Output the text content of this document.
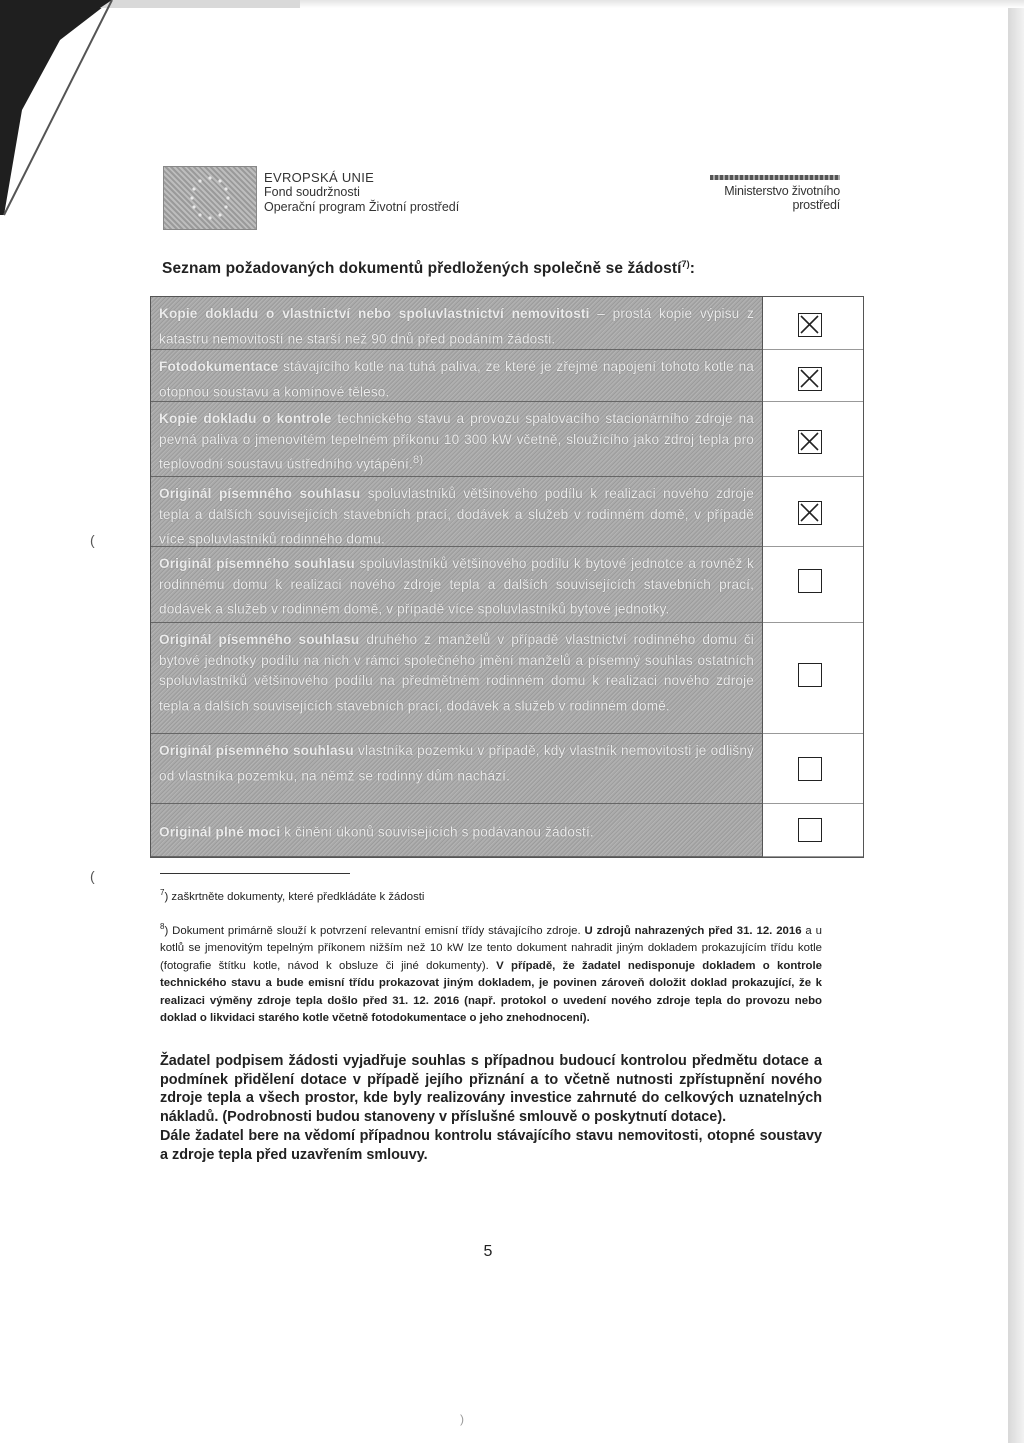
EVROPSKÁ UNIE
Fond soudržnosti
Operační program Životní prostředí
Ministerstvo životního prostředí
Seznam požadovaných dokumentů předložených společně se žádostí$^{7)}$:
Kopie dokladu o vlastnictví nebo spoluvlastnictví nemovitosti – prostá kopie výpisu z katastru nemovitostí ne starší než 90 dnů před podáním žádosti.
Fotodokumentace stávajícího kotle na tuhá paliva, ze které je zřejmé napojení tohoto kotle na otopnou soustavu a komínové těleso.
Kopie dokladu o kontrole technického stavu a provozu spalovacího stacionárního zdroje na pevná paliva o jmenovitém tepelném příkonu 10 300 kW včetně, sloužícího jako zdroj tepla pro teplovodní soustavu ústředního vytápění.$^{8)}$
Originál písemného souhlasu spoluvlastníků většinového podílu k realizaci nového zdroje tepla a dalších souvisejících stavebních prací, dodávek a služeb v rodinném domě, v případě více spoluvlastníků rodinného domu.
Originál písemného souhlasu spoluvlastníků většinového podílu k bytové jednotce a rovněž k rodinnému domu k realizaci nového zdroje tepla a dalších souvisejících stavebních prací, dodávek a služeb v rodinném domě, v případě více spoluvlastníků bytové jednotky.
Originál písemného souhlasu druhého z manželů v případě vlastnictví rodinného domu či bytové jednotky podílu na nich v rámci společného jmění manželů a písemný souhlas ostatních spoluvlastníků většinového podílu na předmětném rodinném domu k realizaci nového zdroje tepla a dalších souvisejících stavebních prací, dodávek a služeb v rodinném domě.
Originál písemného souhlasu vlastníka pozemku v případě, kdy vlastník nemovitosti je odlišný od vlastníka pozemku, na němž se rodinný dům nachází.
Originál plné moci k činění úkonů souvisejících s podávanou žádostí.
(
(
)
$^7$) zaškrtněte dokumenty, které předkládáte k žádosti
$^8$) Dokument primárně slouží k potvrzení relevantní emisní třídy stávajícího zdroje. U zdrojů nahrazených před 31. 12. 2016 a u kotlů se jmenovitým tepelným příkonem nižším než 10 kW lze tento dokument nahradit jiným dokladem prokazujícím třídu kotle (fotografie štítku kotle, návod k obsluze či jiné dokumenty). V případě, že žadatel nedisponuje dokladem o kontrole technického stavu a bude emisní třídu prokazovat jiným dokladem, je povinen zároveň doložit doklad prokazující, že k realizaci výměny zdroje tepla došlo před 31. 12. 2016 (např. protokol o uvedení nového zdroje tepla do provozu nebo doklad o likvidaci starého kotle včetně fotodokumentace o jeho znehodnocení).
Žadatel podpisem žádosti vyjadřuje souhlas s případnou budoucí kontrolou předmětu dotace a podmínek přidělení dotace v případě jejího přiznání a to včetně nutnosti zpřístupnění nového zdroje tepla a všech prostor, kde byly realizovány investice zahrnuté do celkových uznatelných nákladů. (Podrobnosti budou stanoveny v příslušné smlouvě o poskytnutí dotace).
Dále žadatel bere na vědomí případnou kontrolu stávajícího stavu nemovitosti, otopné soustavy a zdroje tepla před uzavřením smlouvy.
5
